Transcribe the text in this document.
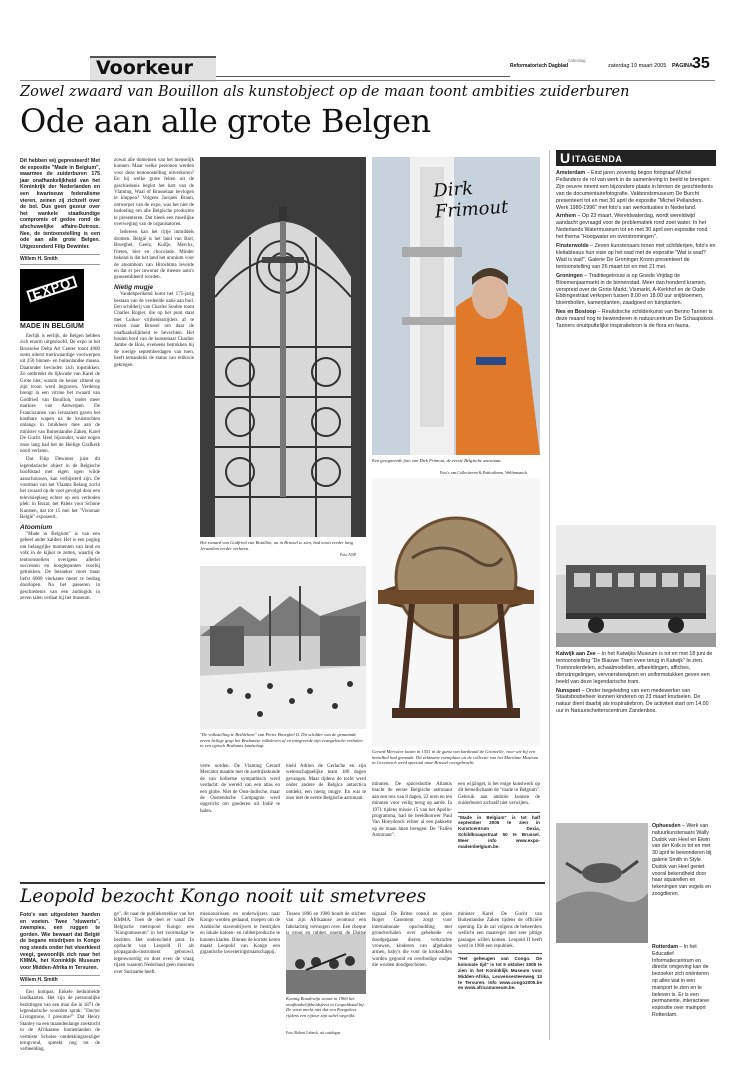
Voorkeur	Reformatorisch Dagblad
zaterdag
zaterdag 19 maart 2005 PAGINA 35
Zowel zwaard van Bouillon als kunstobject op de maan toont ambities zuiderburen
Ode aan alle grote Belgen
Dit hebben wij gepresteerd! Met de expositie "Made in Belgium", waarmee de zuiderburen 175 jaar onafhankelijkheid van het Koninkrijk der Nederlanden en een kwarteeuw federalisme vieren, zeinen zij zichzelf over de bol. Dus geen gezeur over het wankele staatkundige compromis of gedoe rond de afschuwelijke affaire-Dutroux. Nee, de tentoonstelling is een ode aan alle grote Belgen. Uitgezonderd Filip Dewinter.
Willem H. Smith
EXPO
MADE IN BELGIUM

Eerlijk is eerlijk, de Belgen hebben zich enorm uitgesloofd. De expo in het Brusselse Delta Art Center toont 4000 soms uiterst merkwaardige voorwerpen uit 250 binnen- en buitenlandse musea. Daaronder bevinden zich topstukken. Zo ontbreekt de lijkwade van Karel de Grote niet, waarin de keizer zittend op zijn troon werd begraven. Verderop brengt in een vitrine het zwaard van Godfried van Bouillon, onder meer markies van Antwerpen. De Franciscanen van Jeruzalem gaven het kostbare wapen na de kruistochten onlangs in bruikleen mee aan de minister van Buitenlandse Zaken, Karel De Gucht. Heel bijzonder, want nogen onze lang had het de Heilige Grafkerk nooit verlaten.

Dat Filip Dewinter juist dit legendarische object in de Belgische hoofdstad met eigen ogen wilde aanschouwen, kan verbijsterd zijn. De voorman van het Vlaams Belang zocht het zwaard op de voet gevolgd door een televisieploeg echter op een verboden plek: in Bozar, het Paleis voor Schone Kunsten, dat tot 15 mei het "Visionair België" exposeert.

Atoomium

"Made in Belgium" is van een geheel ander kaliber. Het is een poging om belangrijke momenten van land en volk in de kijker te zetten, waarbij de tentoonstellers overigens allerlei successen en hoogtepunten voorbij getrokken. De bezoeker moet maar liefst 6000 vierkante meter te bedrag doorlopen. Na het passeren in geschiedenis van een audiogids in zeven talen verlaat hij het museum.

zowat alle domeinen van het menselijk kunnen. Maar welke personen werden voor deze tentoonstelling uitverkoren? En bij welke grote feiten uit de geschiedenis begint het hart van de Vlaming, Waal of Brusselaar bevlogen te kloppen? Volgens Jacques Braun, ontwerper van de expo, was het niet de bedoeling om alle Belgische producten te presenteren. Dat bleek een moeilijke overweging van de organisatoren.

Iedereen kan het rijtje inmiddels dromen. België is het land van Brel, Brueghel, Geelz, Kuifje, Merckx, frieten, bier en chocolade. Minder bekend is dat het land het uranium voor de atoombom van Hiroshima leverde en dat er per inwoner de meeste auto's geassembleerd worden.

Nietig mugje

Vandehperikend komt het 175-jarig bestaan van de verdeelde natie aan bod. Een schilderij van Charles Soubre toont Charles Rogier, die op het punt staat met Luikse vrijheidsstrijders af te reizen naar Brussel om daar de onafhankelijkheid te bevechten. Het houten bord van de kunstenaar Charlier Jambe de Bois, eveneens betrokken bij de roerige septemberdagen van toen, heeft iemandelis de status van relikwie gekregen.

Het zwaard van Godfried van Bouillon, nu in Brussel te zien, had nooit eerder lang Jeruzalem eerder verlaten.
Foto ANP
Dirk Frimout
Een gesigneerde foto van Dirk Frimout, de eerste Belgische astronaut.
Foto's van Collectieven & Particulieren, Welfenmasch
Gerard Mercator kwam in 1551 in de gunst van kardinaal de Granvelle, voor wie hij een hemelbol had gemaakt. Dit zeldzame exemplaar uit de collectie van het Maritime Museum in Greenwich werd speciaal naar Brussel overgebracht.
"De volkstelling te Bethlehem" van Pieter Brueghel II. Dit schilder van de genaamde zeven heilige grap het Brabantse volksleven af en integreerde zijn evangelische verhalen in een typisch Brabants landschap.

verre oorden. De Vlaming Gerard Mercator maakte met de aardrijkskunde de van hollertse sympathisch werd verdacht: de wereld van een atlas en een globe. Niet de Oost-Indische, maar de Oostendsche Compagnie werd opgericht om goederen uit Indië te halen.

hield Adrien de Gerlache en zijn wetenschappelijke team 180 dagen gevangen. Maar tijdens de tocht werd onder andere de Belgica antarctica ontdekt, een nietig mugje. En wat te zien met de eerste Belgische astronaut.

minuten. De spaceshuttle Atlantis bracht de eerste Belgische astronaut aan een reis van 8 dagen, 22 uren en ten minuten voor veilig terug op aarde. In 1971 tijdens missie 15 van het Apollo-programma, had de beeldhouwer Paul Van Hoeydonck echter al een pakkette op de maan laten brengen: De "Fallen Astronaut".

een wijzinget, is het enige kunstwerk op dit hemellichaam de "made in Belgium". Gebruik aan ambitie kunnen de zuiderburen zichzelf niet verwijten.

"Made in Belgium" is tot half september 2005 te zien in Kunstcentrum Dexia, Schildknaapstraat 50 te Brussel. Meer info www.expo-madeinbelgium.be.
U ITAGENDA

Amsterdam – Eind jaren zeventig begon fotograaf Michel Pellanders de rol van werk in de samenleving in beeld te brengen. Zijn oeuvre neemt een bijzondere plaats in binnen de geschiedenis van de documentairefotografie. Vakbondsmuseum De Burcht presenteert tot en met 30 april de expositie "Michel Pellanders. Werk 1980-1996" met foto's van werksituaties in Nederland.

Arnhem – Op 23 maart, Wereldwaterdag, wordt wereldwijd aandacht gevraagd voor de problematiek rond zoet water. In het Nederlands Watermuseum tot en met 30 april een expositie rond het thema "Hoogwater en overstromingen".

Finsterwolde – Zeven kunstenaars tonen met schilderijen, foto's en kleitableaus hun visie op het wad met de expositie "Wat is wad? Wad is wat!". Galerie De Groninger Kroon presenteert de tentoonstelling van 26 maart tot en met 21 mei.

Groningen – Traditiegetrouw is op Goede Vrijdag de Bloemenjaarmarkt in de binnenstad. Meer dan honderd kramen, verspreid over de Grote Markt, Vismarkt, A-Kerkhof en de Oude Ebbingestraat verkopen tussen 8.00 en 18.00 uur snijbloemen, bloembollen, kamerplanten, zaadgoed en tuinplanten.

Nes en Bosloop – Realistische schilderkunst van Benno Tanner is deze maand nog te bewonderen in natuurcentrum De Schaapskooi. Tanners onuitputtelijke inspiratiebron is de flora en fauna.

Katwijk aan Zee – In het Katwijks Museum is tot en met 18 juni de tentoonstelling "De Blauwe Tram even terug in Katwijk" te zien. Tramonderdelen, schaalmodellen, afbeeldingen, affiches, dienstregelingen, vervoersbewijzen en uniformstukken geven een beeld van deze legendarische tram.

Nunspeet – Onder begeleiding van een medewerker van Staatsbosbeheer kunnen kinderen op 23 maart knutselen. De natuur dient daarbij als inspiratiebron. De activiteit start om 14.00 uur in Natuurschetterscentrum Zandenbos.

Ophuesden – Werk van natuurkunstenaars Wally Dudok van Heel en Eiwin van der Kolk is tot en met 30 april te bewonderen bij galerie Smith in Style. Dudok van Heel geniet vooral bekendheid door haar aquarellen en tekeningen van vogels en zoogdieren.

Rotterdam – In het Educatief Informatiecentrum en directe omgeving kan de bezoeker zich oriënteren op alles wat in een mainport te zien en te beleven is. Er is een permanente, interactieve expositie over mainport Rotterdam.

Leopold bezocht Kongo nooit uit smetvrees
Foto's van uitgesloten handen en voeten. Twee "sluwerts", zwempies, een ruggen te gorden. Wie bewaart dat België de begane misdrijven in Kongo nog steeds onder het vloerkleed veegt, gewoonlijk zich naar het KMMA, het Koninklijk Museum voor Midden-Afrika in Tervuren.
Willem H. Smith

Een kompas. Enkele beduimelde landkaarten. Het zijn de persoonlijke bezittingen van een man die in 1871 de legendarische woorden sprak: "Doctor Livingstone, I presume?" Dat Henry Stanley na een maandenlange zoektocht in de Afrikaanse binnenlanden de vermiste Schotse ontdekkingsreiziger terugvond, spreekt nog tot de verbeelding.

ge", dit naar de publiekstrekker van het KMMA. Toen de deel er vanaf De Belgische metropool Kongo een "Kongomuseum" in het voormalige te bezitten. Het onderscheid punt. In opdracht van Leopold II als propagandu-instrument gebouwd, tegenwoordig en doet even de vraag rijzen waarom Nederland geen museum over Suriname heeft.

missionarissen en onderwijzers naar Kongo worden gedaand, troepen om de Arabische slavendrijvers te bestrijden en lokale katoen- en rubberproductie te kunnen kladen. Binnen de kortste keren maakt Leopold van Kongo een gigantische investeringsmaatschappij.

Tussen 1896 en 1906 houdt de stichter van zijn Afrikaanse avontuur een fabelachtig vermogen over. Een cheque

Koning Boudewijn woont in 1960 het onafhankelijkheidsfeest in Leopoldstad bij. De vorst merkt niet dat een Kongolees rijdens een rijtour zijn sabel wegrijkt.
Foto Robert Lebeck, uit catalogus

signaal. De Britse consul en spion Roger Casement zorgt voor internationale opschudding met grondverhalen over gebeheide en doodgegaane dieren, verkrachte vrouwen, kinderen van afgehakte armen, baby's die voor de krokodillen worden gegooid en overbodige oudjes die worden doodgeschoten.

minister Karel De Gucht van Buitenlandse Zaken tijdens de officiële opening. En de zal volgens de beheerders wellicht een maatregel met zeer pittige passages willen komen. Leopold II heeft werd in 1960 een republiek.

"Het geheugen van Congo. De koloniale tijd" is tot 9 oktober 2005 te zien in het Koninklijk Museum voor Midden-Afrika, Leuvensesteenweg 13 te Tervuren. Info www.congo2005.be en www.africamuseum.be.
